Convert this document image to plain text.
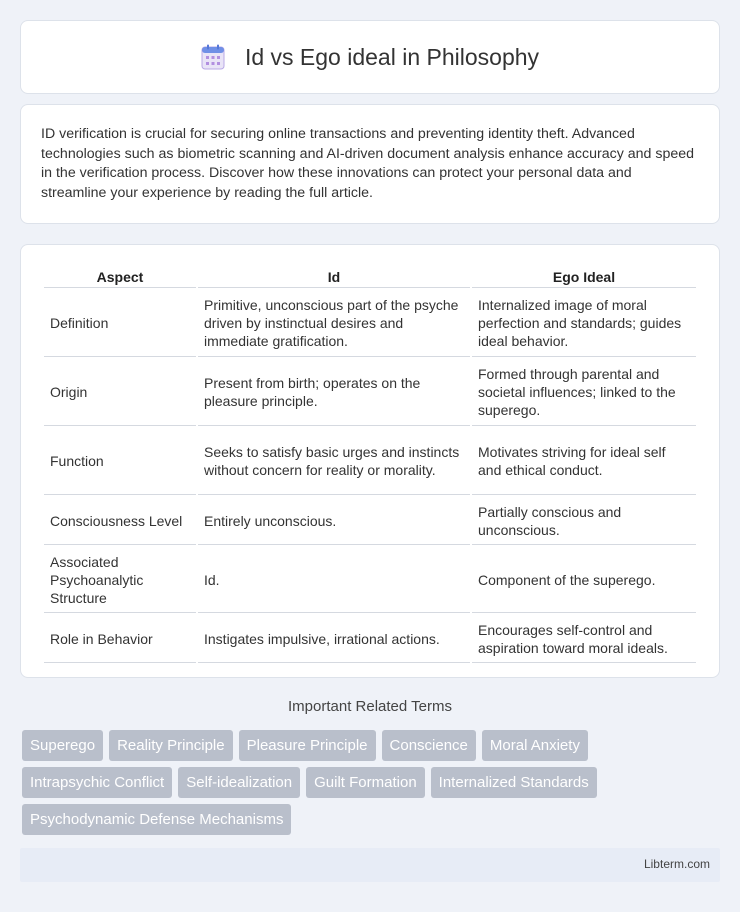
Id vs Ego ideal in Philosophy

ID verification is crucial for securing online transactions and preventing identity theft. Advanced technologies such as biometric scanning and AI-driven document analysis enhance accuracy and speed in the verification process. Discover how these innovations can protect your personal data and streamline your experience by reading the full article.

Aspect	Id	Ego Ideal
Definition	Primitive, unconscious part of the psyche driven by instinctual desires and immediate gratification.	Internalized image of moral perfection and standards; guides ideal behavior.
Origin	Present from birth; operates on the pleasure principle.	Formed through parental and societal influences; linked to the superego.
Function	Seeks to satisfy basic urges and instincts without concern for reality or morality.	Motivates striving for ideal self and ethical conduct.
Consciousness Level	Entirely unconscious.	Partially conscious and unconscious.
Associated Psychoanalytic Structure	Id.	Component of the superego.
Role in Behavior	Instigates impulsive, irrational actions.	Encourages self-control and aspiration toward moral ideals.
Important Related Terms
Superego	Reality Principle	Pleasure Principle	Conscience	Moral Anxiety
Intrapsychic Conflict	Self-idealization	Guilt Formation	Internalized Standards
Psychodynamic Defense Mechanisms
Libterm.com
